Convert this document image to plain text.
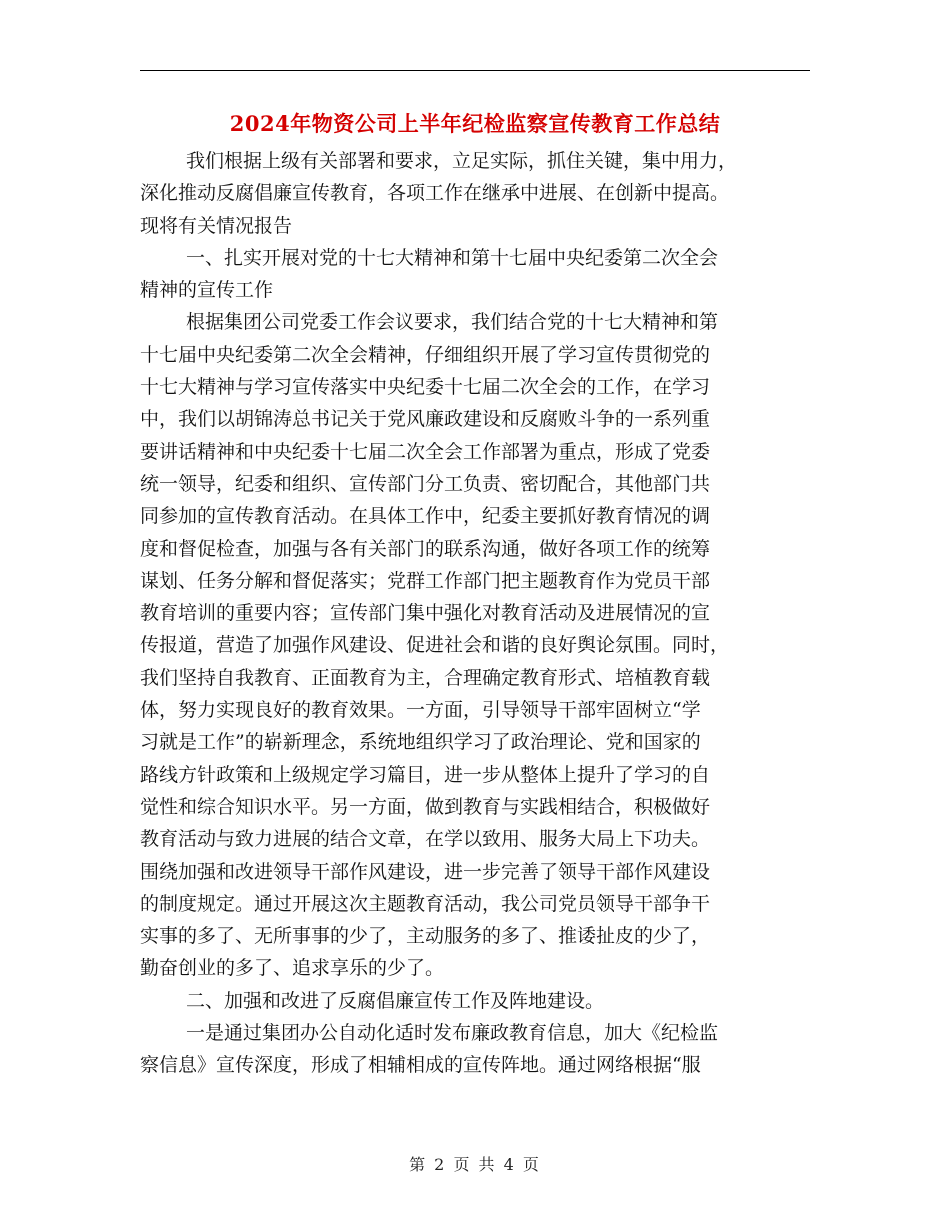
2024年物资公司上半年纪检监察宣传教育工作总结
我们根据上级有关部署和要求，立足实际，抓住关键，集中用力，
深化推动反腐倡廉宣传教育，各项工作在继承中进展、在创新中提高。
现将有关情况报告
一、扎实开展对党的十七大精神和第十七届中央纪委第二次全会
精神的宣传工作
根据集团公司党委工作会议要求，我们结合党的十七大精神和第
十七届中央纪委第二次全会精神，仔细组织开展了学习宣传贯彻党的
十七大精神与学习宣传落实中央纪委十七届二次全会的工作，在学习
中，我们以胡锦涛总书记关于党风廉政建设和反腐败斗争的一系列重
要讲话精神和中央纪委十七届二次全会工作部署为重点，形成了党委
统一领导，纪委和组织、宣传部门分工负责、密切配合，其他部门共
同参加的宣传教育活动。在具体工作中，纪委主要抓好教育情况的调
度和督促检查，加强与各有关部门的联系沟通，做好各项工作的统筹
谋划、任务分解和督促落实；党群工作部门把主题教育作为党员干部
教育培训的重要内容；宣传部门集中强化对教育活动及进展情况的宣
传报道，营造了加强作风建设、促进社会和谐的良好舆论氛围。同时，
我们坚持自我教育、正面教育为主，合理确定教育形式、培植教育载
体，努力实现良好的教育效果。一方面，引导领导干部牢固树立“学
习就是工作”的崭新理念，系统地组织学习了政治理论、党和国家的
路线方针政策和上级规定学习篇目，进一步从整体上提升了学习的自
觉性和综合知识水平。另一方面，做到教育与实践相结合，积极做好
教育活动与致力进展的结合文章，在学以致用、服务大局上下功夫。
围绕加强和改进领导干部作风建设，进一步完善了领导干部作风建设
的制度规定。通过开展这次主题教育活动，我公司党员领导干部争干
实事的多了、无所事事的少了，主动服务的多了、推诿扯皮的少了，
勤奋创业的多了、追求享乐的少了。
二、加强和改进了反腐倡廉宣传工作及阵地建设。
一是通过集团办公自动化适时发布廉政教育信息，加大《纪检监
察信息》宣传深度，形成了相辅相成的宣传阵地。通过网络根据“服
第 2 页 共 4 页
